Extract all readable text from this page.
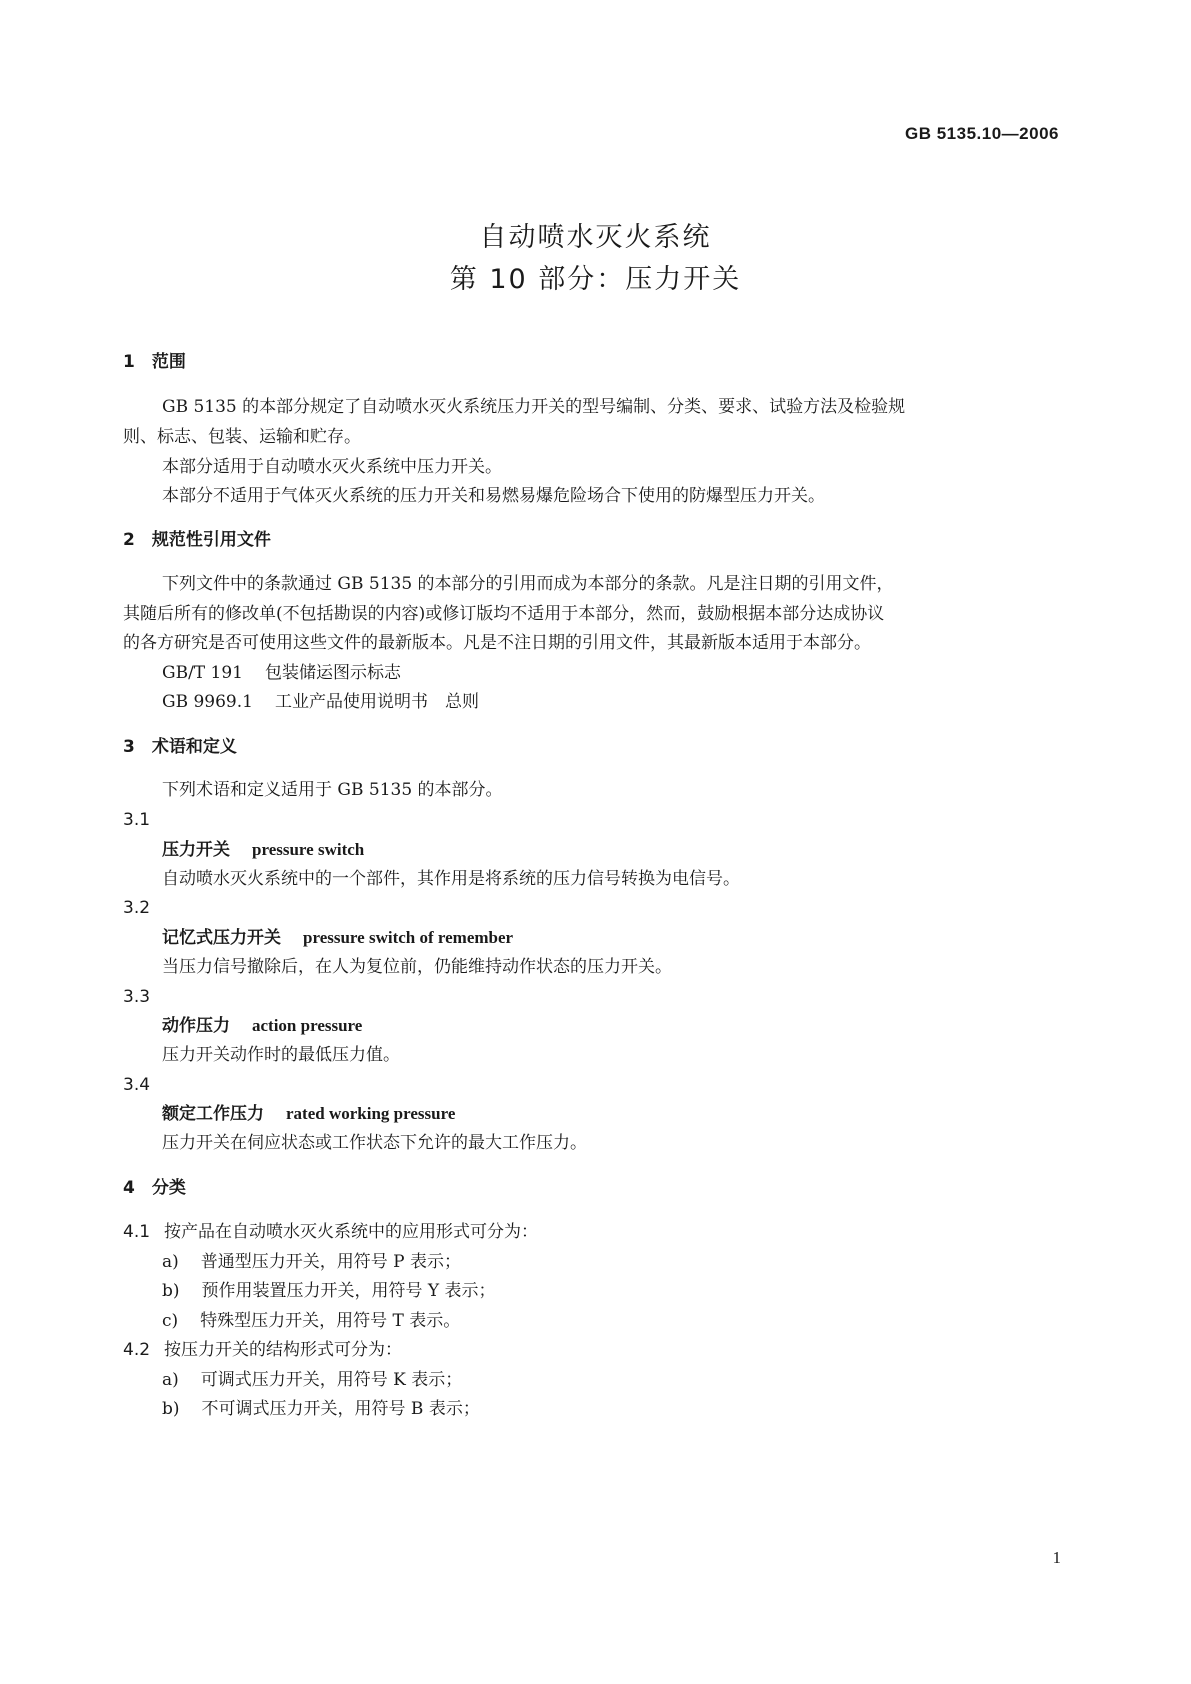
GB 5135.10—2006
自动喷水灭火系统
第 10 部分：压力开关
1　范围
GB 5135 的本部分规定了自动喷水灭火系统压力开关的型号编制、分类、要求、试验方法及检验规
则、标志、包装、运输和贮存。
本部分适用于自动喷水灭火系统中压力开关。
本部分不适用于气体灭火系统的压力开关和易燃易爆危险场合下使用的防爆型压力开关。
2　规范性引用文件
下列文件中的条款通过 GB 5135 的本部分的引用而成为本部分的条款。凡是注日期的引用文件，
其随后所有的修改单(不包括勘误的内容)或修订版均不适用于本部分，然而，鼓励根据本部分达成协议
的各方研究是否可使用这些文件的最新版本。凡是不注日期的引用文件，其最新版本适用于本部分。
GB/T 191 包装储运图示标志
GB 9969.1 工业产品使用说明书　总则
3　术语和定义
下列术语和定义适用于 GB 5135 的本部分。
3.1
压力开关 pressure switch
自动喷水灭火系统中的一个部件，其作用是将系统的压力信号转换为电信号。
3.2
记忆式压力开关 pressure switch of remember
当压力信号撤除后，在人为复位前，仍能维持动作状态的压力开关。
3.3
动作压力 action pressure
压力开关动作时的最低压力值。
3.4
额定工作压力 rated working pressure
压力开关在伺应状态或工作状态下允许的最大工作压力。
4　分类
4.1 按产品在自动喷水灭火系统中的应用形式可分为：
a) 普通型压力开关，用符号 P 表示；
b) 预作用装置压力开关，用符号 Y 表示；
c) 特殊型压力开关，用符号 T 表示。
4.2 按压力开关的结构形式可分为：
a) 可调式压力开关，用符号 K 表示；
b) 不可调式压力开关，用符号 B 表示；
1
